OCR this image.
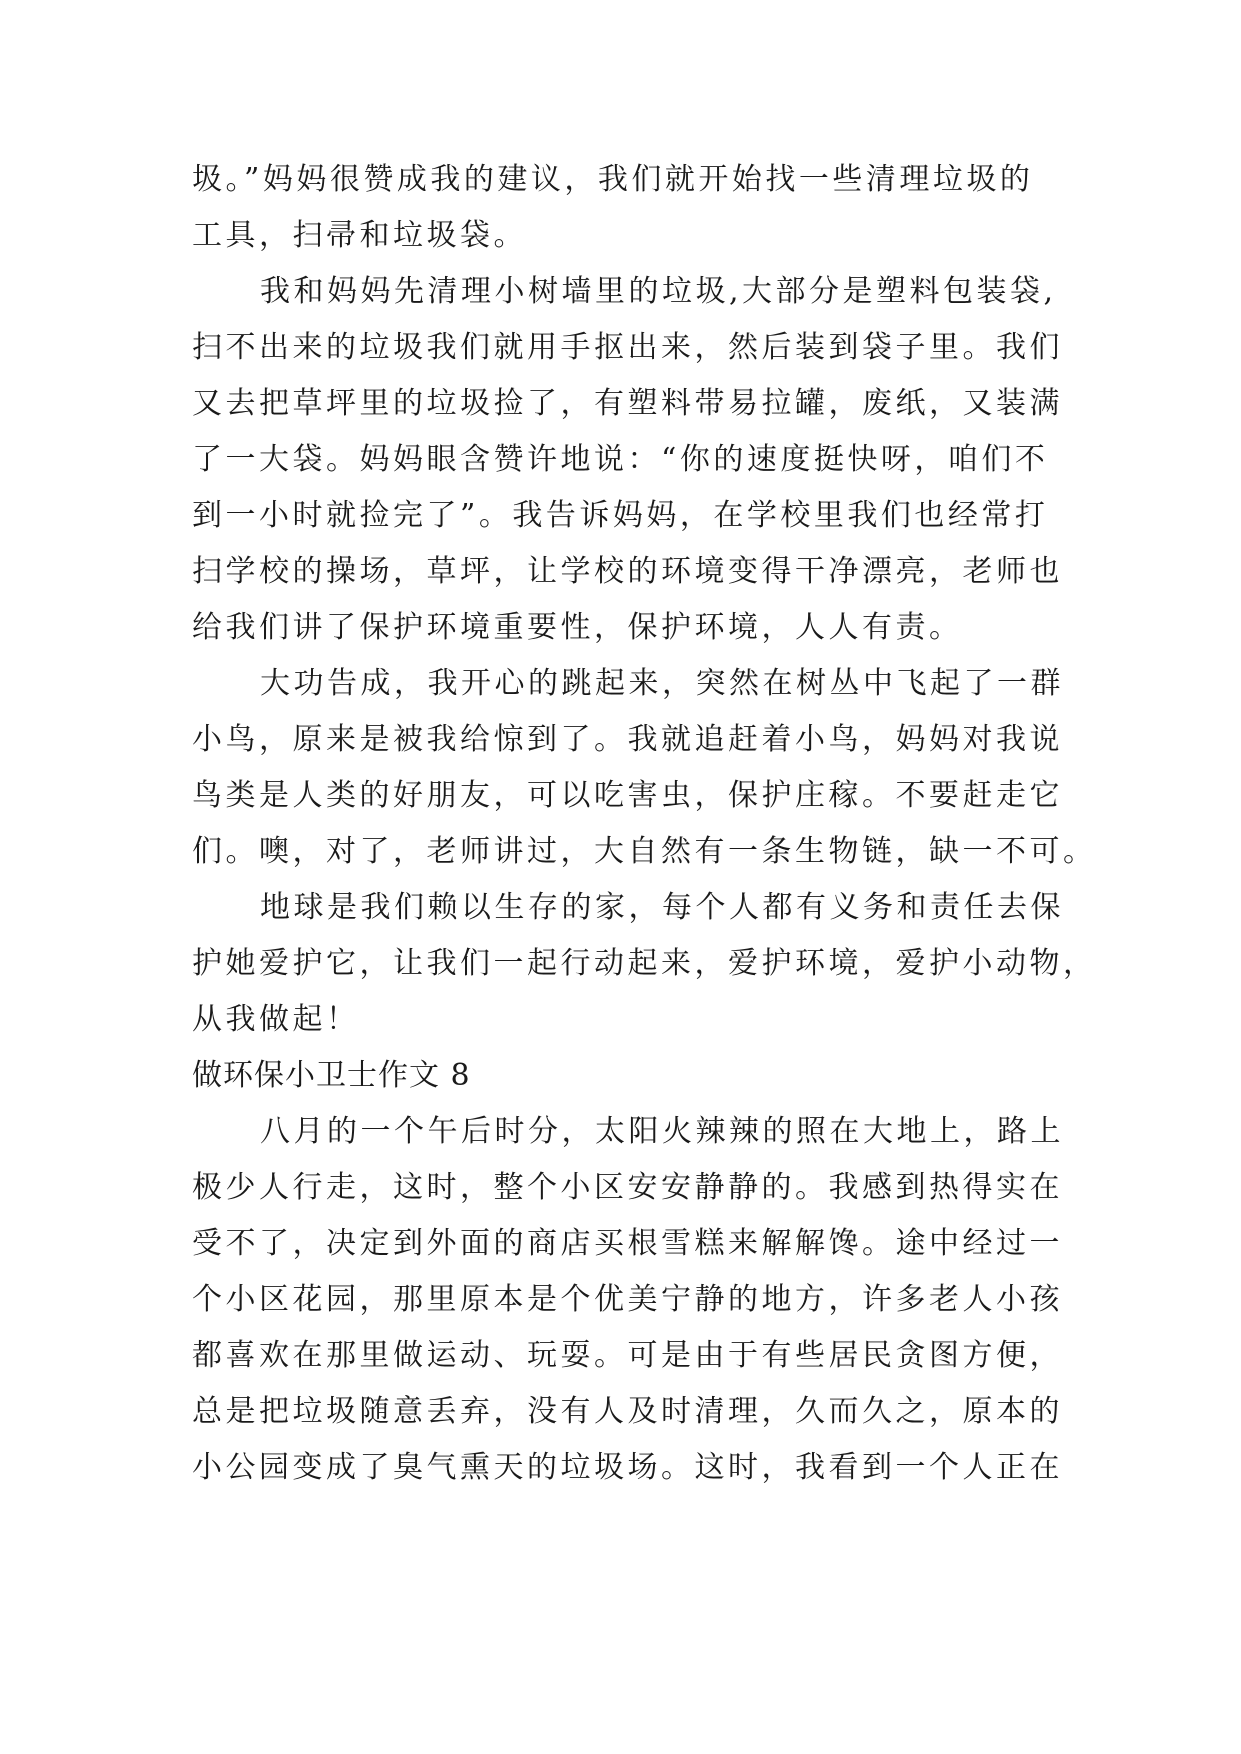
圾。”妈妈很赞成我的建议，我们就开始找一些清理垃圾的
工具，扫帚和垃圾袋。
我和妈妈先清理小树墙里的垃圾,大部分是塑料包装袋,
扫不出来的垃圾我们就用手抠出来，然后装到袋子里。我们
又去把草坪里的垃圾捡了，有塑料带易拉罐，废纸，又装满
了一大袋。妈妈眼含赞许地说：“你的速度挺快呀，咱们不
到一小时就捡完了”。我告诉妈妈，在学校里我们也经常打
扫学校的操场，草坪，让学校的环境变得干净漂亮，老师也
给我们讲了保护环境重要性，保护环境，人人有责。
大功告成，我开心的跳起来，突然在树丛中飞起了一群
小鸟，原来是被我给惊到了。我就追赶着小鸟，妈妈对我说
鸟类是人类的好朋友，可以吃害虫，保护庄稼。不要赶走它
们。噢，对了，老师讲过，大自然有一条生物链，缺一不可。
地球是我们赖以生存的家，每个人都有义务和责任去保
护她爱护它，让我们一起行动起来，爱护环境，爱护小动物，
从我做起！
做环保小卫士作文 8
八月的一个午后时分，太阳火辣辣的照在大地上，路上
极少人行走，这时，整个小区安安静静的。我感到热得实在
受不了，决定到外面的商店买根雪糕来解解馋。途中经过一
个小区花园，那里原本是个优美宁静的地方，许多老人小孩
都喜欢在那里做运动、玩耍。可是由于有些居民贪图方便，
总是把垃圾随意丢弃，没有人及时清理，久而久之，原本的
小公园变成了臭气熏天的垃圾场。这时，我看到一个人正在
